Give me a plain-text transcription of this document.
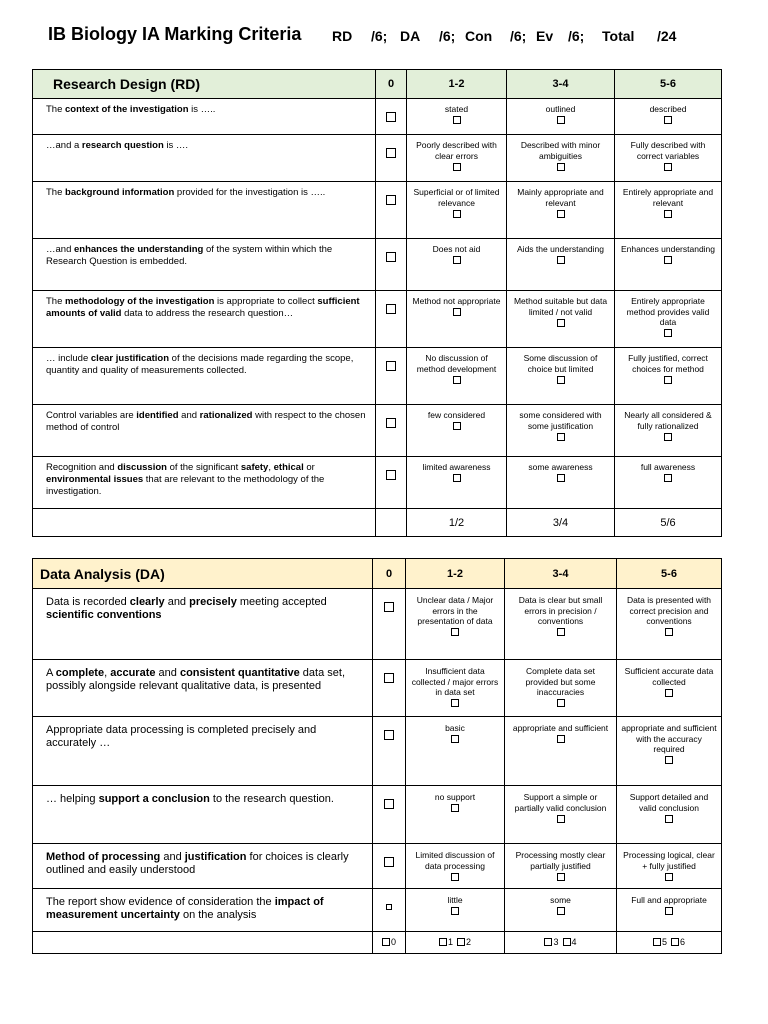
IB Biology IA Marking Criteria RD /6; DA /6; Con /6; Ev /6; Total /24
Research Design (RD)	0	1-2	3-4	5-6
The context of the investigation is …..		stated	outlined	described

…and a research question is ….		Poorly described with clear errors	Described with minor ambiguities	Fully described with correct variables

The background information provided for the investigation is …..		Superficial or of limited relevance	Mainly appropriate and relevant	Entirely appropriate and relevant

…and enhances the understanding of the system within which the Research Question is embedded.		Does not aid	Aids the understanding	Enhances understanding

The methodology of the investigation is appropriate to collect sufficient amounts of valid data to address the research question…		Method not appropriate	Method suitable but data limited / not valid	Entirely appropriate method provides valid data

… include clear justification of the decisions made regarding the scope, quantity and quality of measurements collected.		No discussion of method development	Some discussion of choice but limited	Fully justified, correct choices for method

Control variables are identified and rationalized with respect to the chosen method of control		few considered	some considered with some justification	Nearly all considered & fully rationalized

Recognition and discussion of the significant safety, ethical or environmental issues that are relevant to the methodology of the investigation.		limited awareness	some awareness	full awareness

		1/2	3/4	5/6
Data Analysis (DA)	0	1-2	3-4	5-6
Data is recorded clearly and precisely meeting accepted scientific conventions		Unclear data / Major errors in the presentation of data	Data is clear but small errors in precision / conventions	Data is presented with correct precision and conventions

A complete, accurate and consistent quantitative data set, possibly alongside relevant qualitative data, is presented		Insufficient data collected / major errors in data set	Complete data set provided but some inaccuracies	Sufficient accurate data collected

Appropriate data processing is completed precisely and accurately …		basic	appropriate and sufficient	appropriate and sufficient with the accuracy required

… helping support a conclusion to the research question.		no support	Support a simple or partially valid conclusion	Support detailed and valid conclusion

Method of processing and justification for choices is clearly outlined and easily understood		Limited discussion of data processing	Processing mostly clear partially justified	Processing logical, clear + fully justified

The report show evidence of consideration the impact of measurement uncertainty on the analysis		little	some	Full and appropriate

	0	1 2	3 4	5 6
